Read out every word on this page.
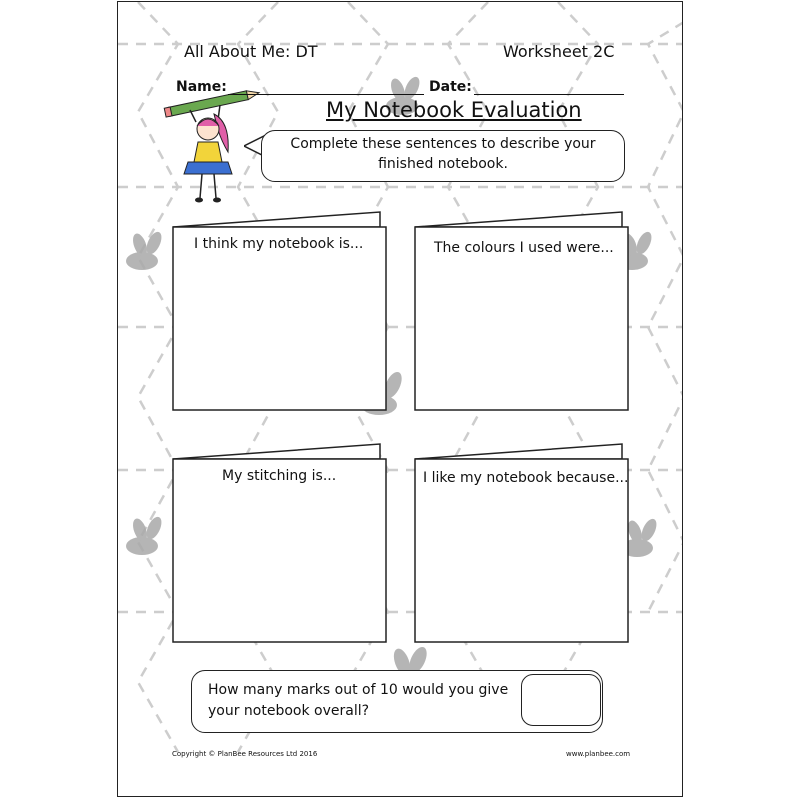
All About Me: DT	Worksheet 2C
Name:	Date:
My Notebook Evaluation
Complete these sentences to describe your
finished notebook.
I think my notebook is...	The colours I used were...
My stitching is...	I like my notebook because...
How many marks out of 10 would you give
your notebook overall?
Copyright © PlanBee Resources Ltd 2016	www.planbee.com
